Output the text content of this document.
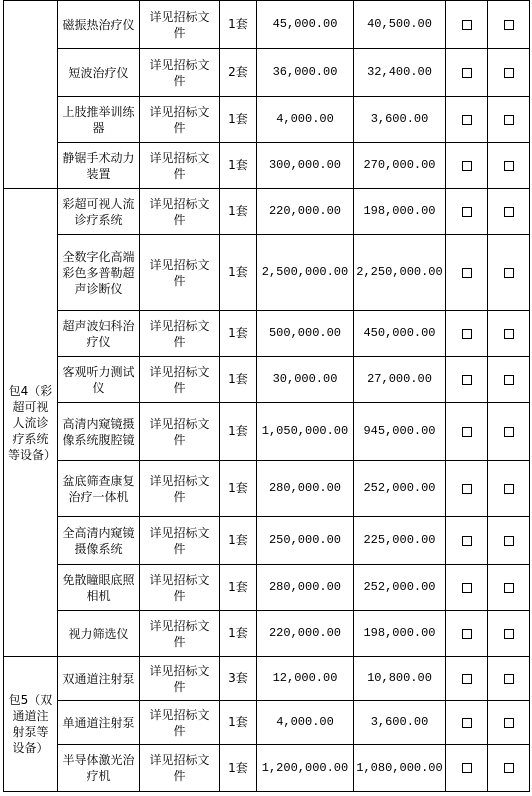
	磁振热治疗仪	详见招标文件	1套	45,000.00	40,500.00		
	短波治疗仪	详见招标文件	2套	36,000.00	32,400.00		
	上肢推举训练器	详见招标文件	1套	4,000.00	3,600.00		
	静锯手术动力装置	详见招标文件	1套	300,000.00	270,000.00		
包4（彩超可视人流诊疗系统等设备）	彩超可视人流诊疗系统	详见招标文件	1套	220,000.00	198,000.00		
	全数字化高端彩色多普勒超声诊断仪	详见招标文件	1套	2,500,000.00	2,250,000.00		
	超声波妇科治疗仪	详见招标文件	1套	500,000.00	450,000.00		
	客观听力测试仪	详见招标文件	1套	30,000.00	27,000.00		
	高清内窥镜摄像系统腹腔镜	详见招标文件	1套	1,050,000.00	945,000.00		
	盆底筛查康复治疗一体机	详见招标文件	1套	280,000.00	252,000.00		
	全高清内窥镜摄像系统	详见招标文件	1套	250,000.00	225,000.00		
	免散瞳眼底照相机	详见招标文件	1套	280,000.00	252,000.00		
	视力筛选仪	详见招标文件	1套	220,000.00	198,000.00		
包5（双通道注射泵等设备）	双通道注射泵	详见招标文件	3套	12,000.00	10,800.00		
	单通道注射泵	详见招标文件	1套	4,000.00	3,600.00		
	半导体激光治疗机	详见招标文件	1套	1,200,000.00	1,080,000.00		
